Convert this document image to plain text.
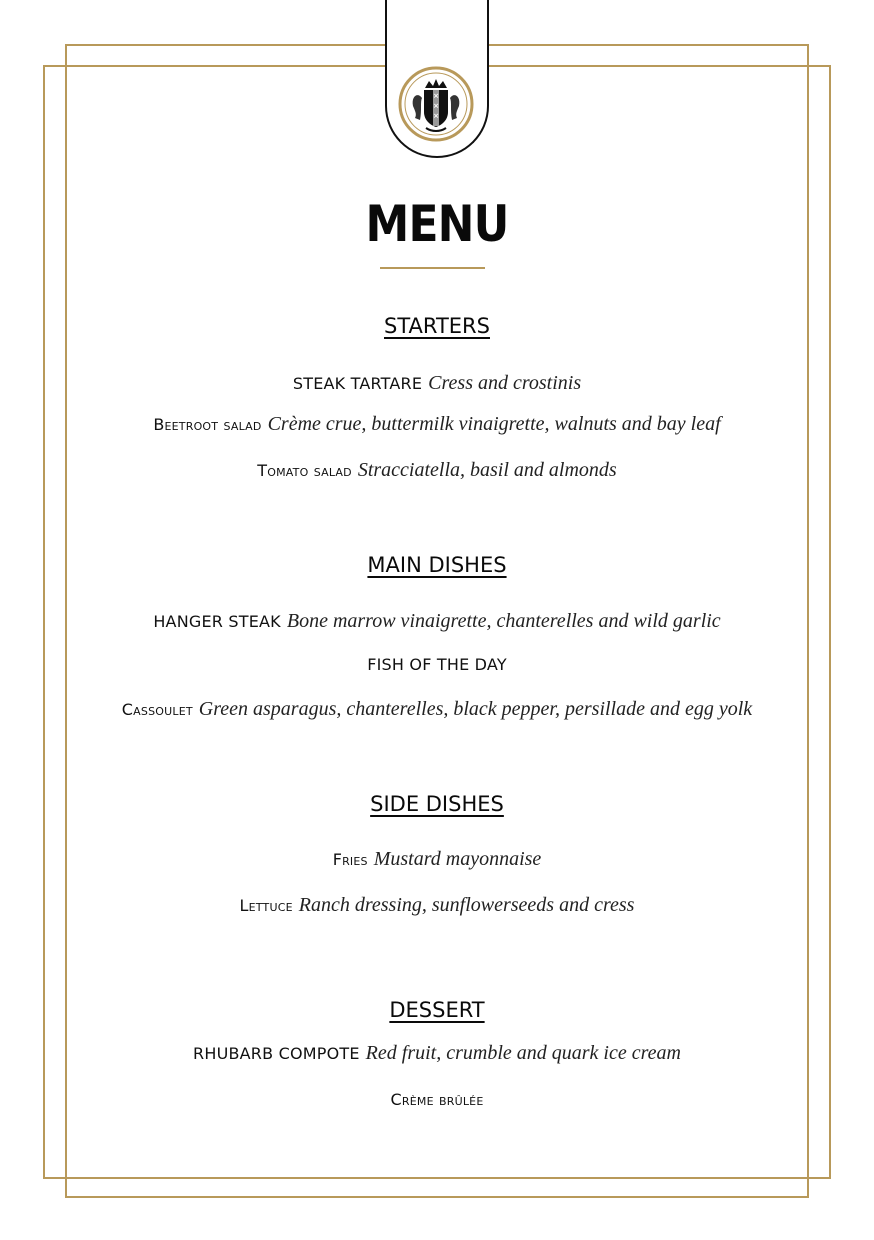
×
×
×
MENU
STARTERS
STEAK TARTARE Cress and crostinis
Beetroot salad Crème crue, buttermilk vinaigrette, walnuts and bay leaf
Tomato salad Stracciatella, basil and almonds
MAIN DISHES
HANGER STEAK Bone marrow vinaigrette, chanterelles and wild garlic
FISH OF THE DAY
Cassoulet Green asparagus, chanterelles, black pepper, persillade and egg yolk
SIDE DISHES
Fries Mustard mayonnaise
Lettuce Ranch dressing, sunflowerseeds and cress
DESSERT
RHUBARB COMPOTE Red fruit, crumble and quark ice cream
Crème brûlée
